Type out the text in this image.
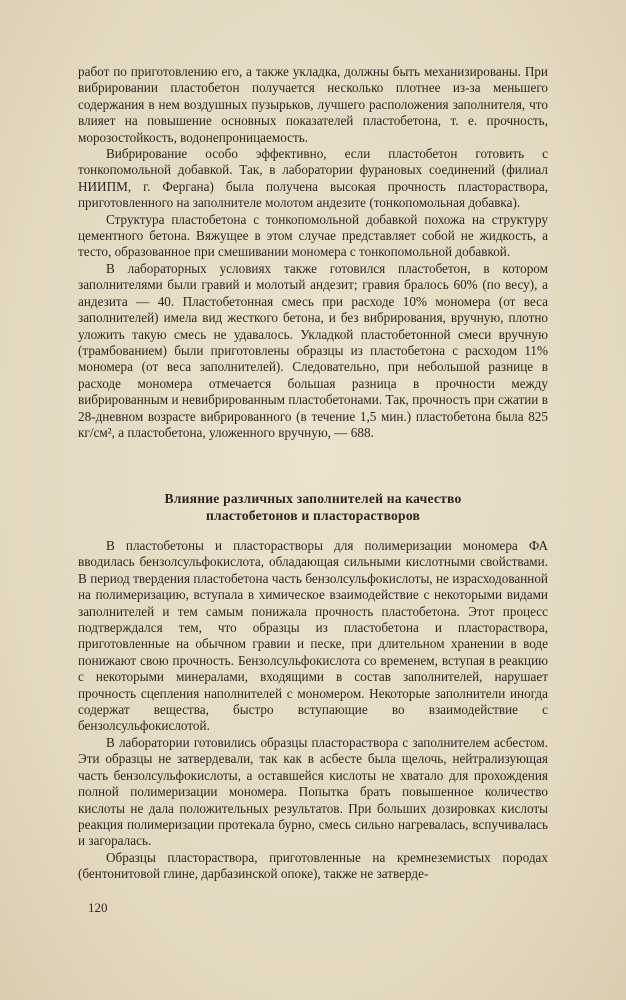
работ по приготовлению его, а также укладка, должны быть механизированы. При вибрировании пластобетон получается несколько плотнее из-за меньшего содержания в нем воздушных пузырьков, лучшего расположения заполнителя, что влияет на повышение основных показателей пластобетона, т. е. прочность, морозостойкость, водонепроницаемость.

Вибрирование особо эффективно, если пластобетон готовить с тонкопомольной добавкой. Так, в лаборатории фурановых соединений (филиал НИИПМ, г. Фергана) была получена высокая прочность пласторастворa, приготовленного на заполнителе молотом андезите (тонкопомольная добавка).

Структура пластобетона с тонкопомольной добавкой похожа на структуру цементного бетона. Вяжущее в этом случае представляет собой не жидкость, а тесто, образованное при смешивании мономера с тонкопомольной добавкой.

В лабораторных условиях также готовился пластобетон, в котором заполнителями были гравий и молотый андезит; гравия бралось 60% (по весу), а андезита — 40. Пластобетонная смесь при расходе 10% мономера (от веса заполнителей) имела вид жесткого бетона, и без вибрирования, вручную, плотно уложить такую смесь не удавалось. Укладкой пластобетонной смеси вручную (трамбованием) были приготовлены образцы из пластобетона с расходом 11% мономера (от веса заполнителей). Следовательно, при небольшой разнице в расходе мономера отмечается большая разница в прочности между вибрированным и невибрированным пластобетонами. Так, прочность при сжатии в 28-дневном возрасте вибрированного (в течение 1,5 мин.) пластобетона была 825 кг/см², а пластобетона, уложенного вручную, — 688.

Влияние различных заполнителей на качество
пластобетонов и пласторастворов

В пластобетоны и пласторастворы для полимеризации мономера ФА вводилась бензолсульфокислота, обладающая сильными кислотными свойствами. В период твердения пластобетона часть бензолсульфокислоты, не израсходованной на полимеризацию, вступала в химическое взаимодействие с некоторыми видами заполнителей и тем самым понижала прочность пластобетона. Этот процесс подтверждался тем, что образцы из пластобетона и пласторастворa, приготовленные на обычном гравии и песке, при длительном хранении в воде понижают свою прочность. Бензолсульфокислота со временем, вступая в реакцию с некоторыми минералами, входящими в состав заполнителей, нарушает прочность сцепления наполнителей с мономером. Некоторые заполнители иногда содержат вещества, быстро вступающие во взаимодействие с бензолсульфокислотой.

В лаборатории готовились образцы пласторастворa с заполнителем асбестом. Эти образцы не затвердевали, так как в асбесте была щелочь, нейтрализующая часть бензолсульфокислоты, а оставшейся кислоты не хватало для прохождения полной полимеризации мономера. Попытка брать повышенное количество кислоты не дала положительных результатов. При больших дозировках кислоты реакция полимеризации протекала бурно, смесь сильно нагревалась, вспучивалась и загоралась.

Образцы пласторастворa, приготовленные на кремнеземистых породах (бентонитовой глине, дарбазинской опоке), также не затверде-

120
